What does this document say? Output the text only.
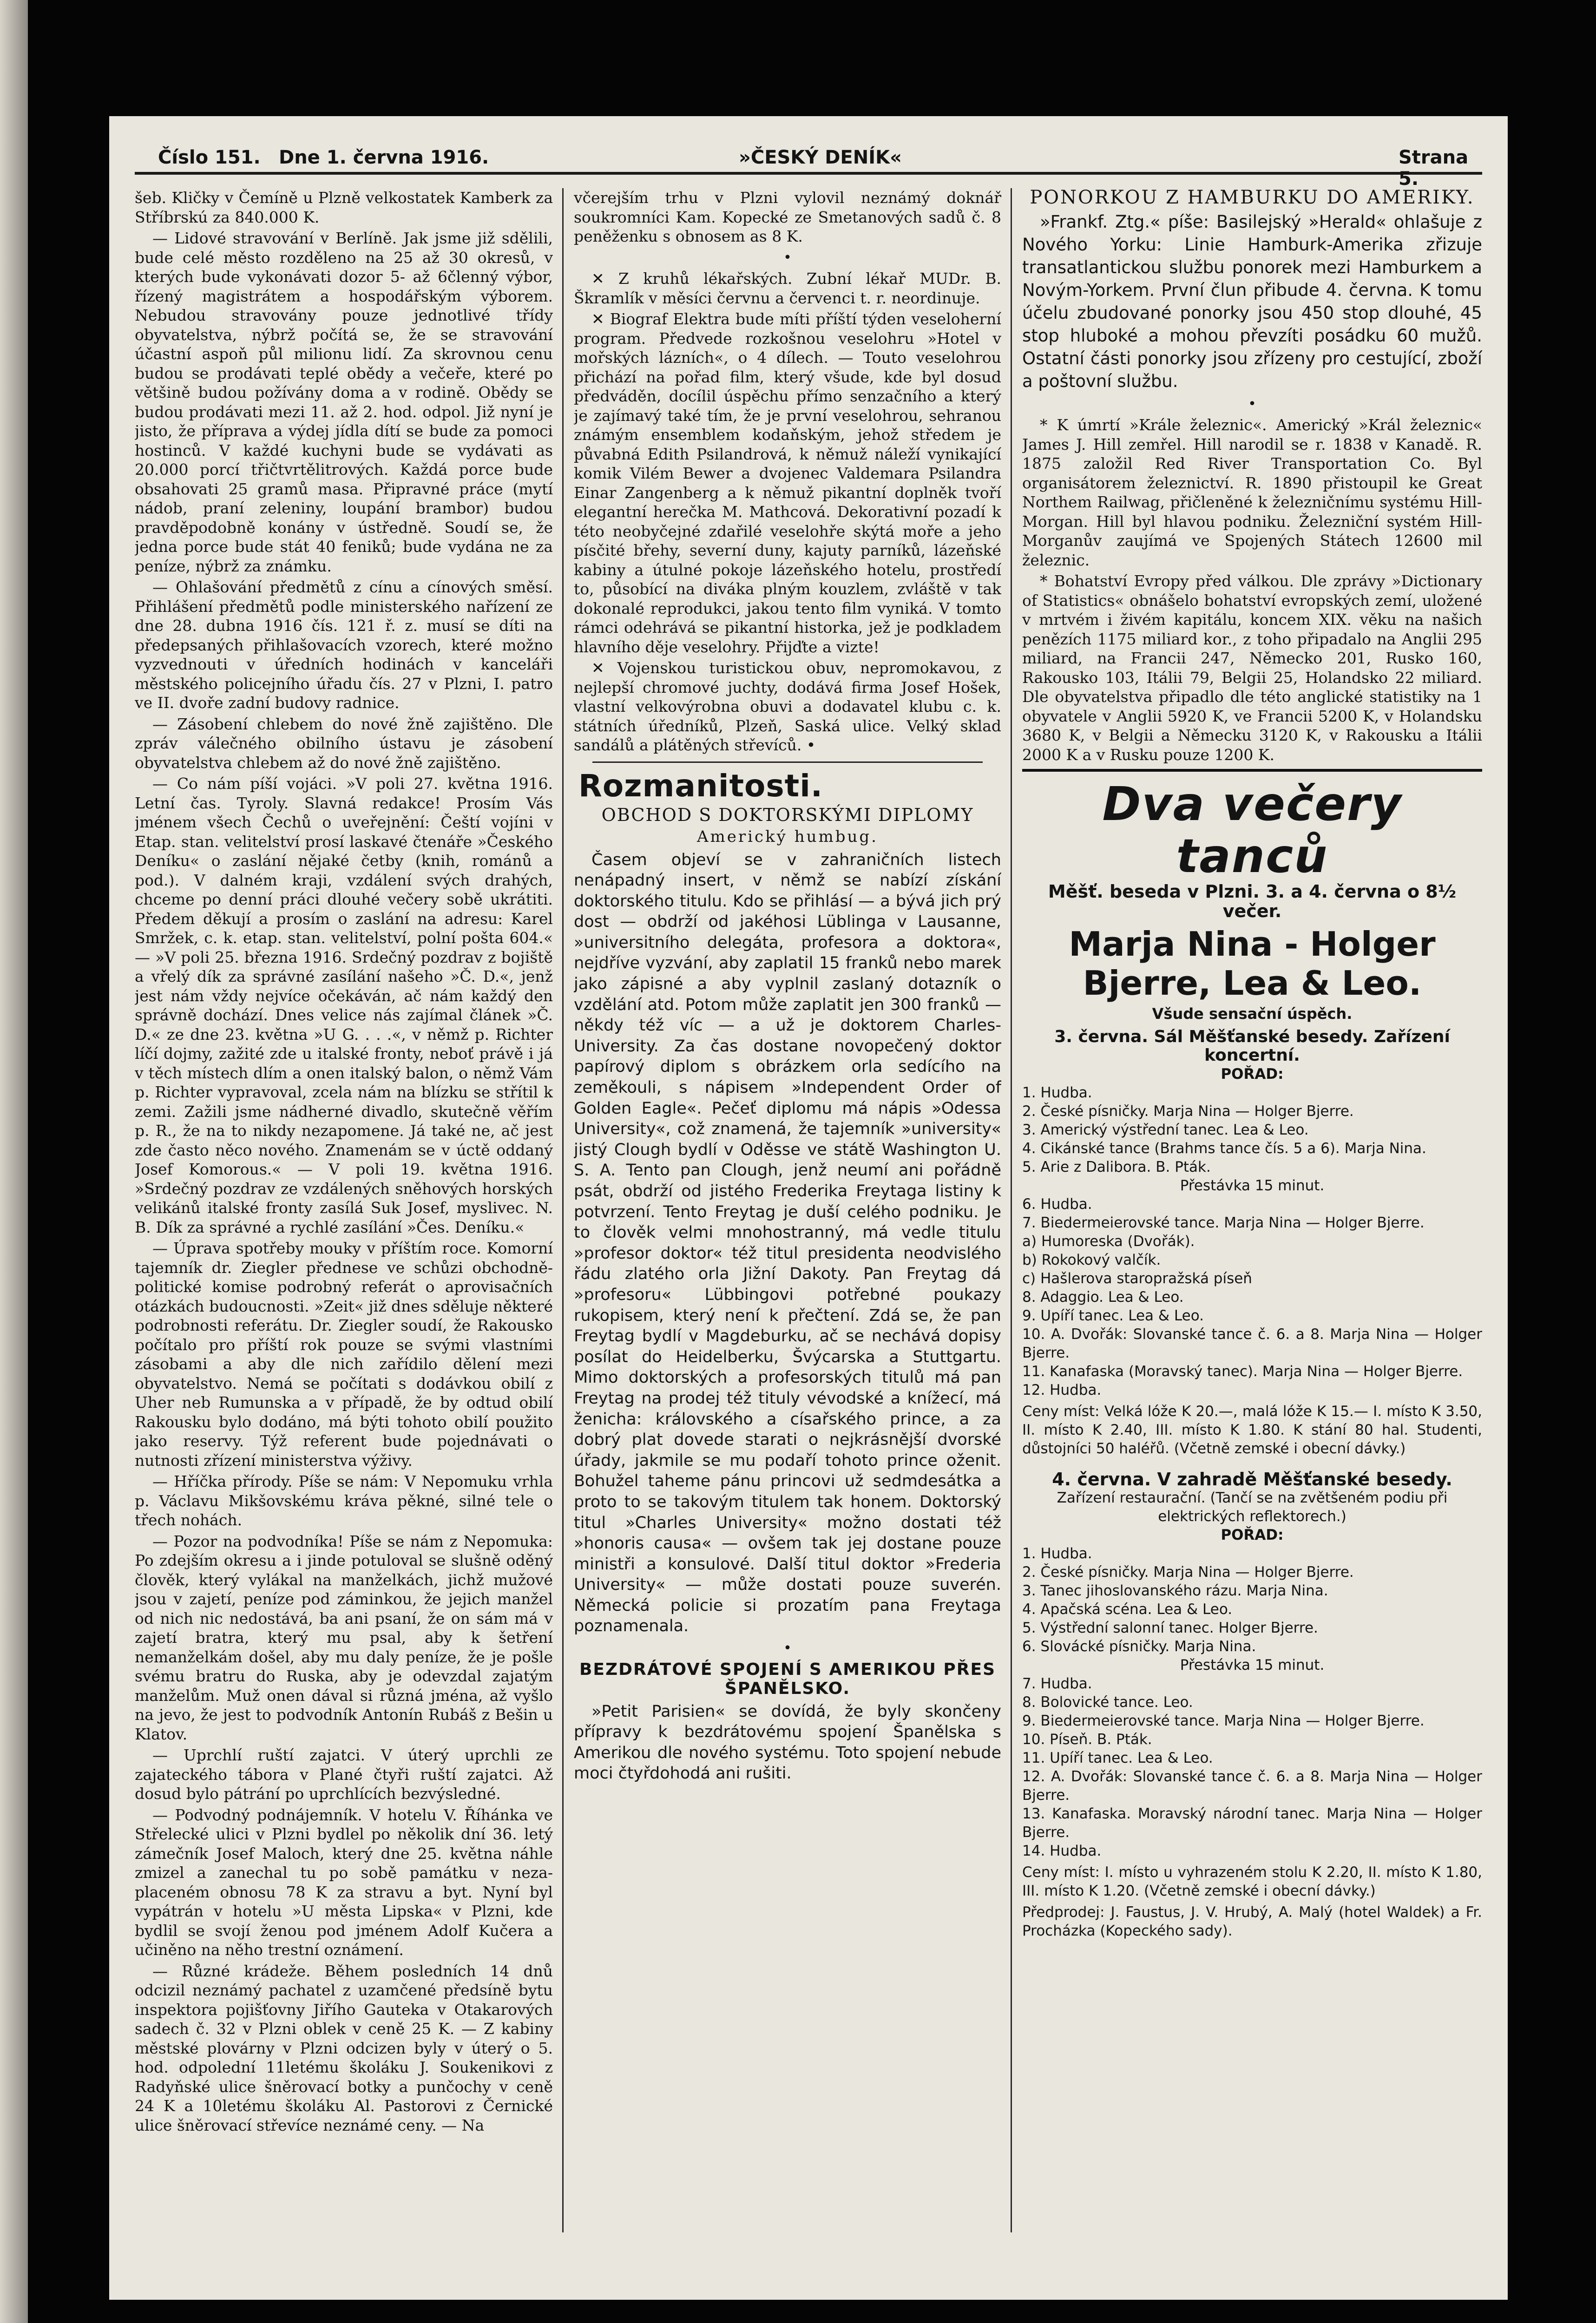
Číslo 151. Dne 1. června 1916.	»ČESKÝ DENÍK«	Strana 5.

šeb. Kličky v Čemíně u Plzně velkostatek Kamberk za Stříbrskú za 840.000 K.

— Lidové stravování v Berlíně. Jak jsme již sdělili, bude celé město rozděleno na 25 až 30 okresů, v kterých bude vykonávati dozor 5- až 6členný výbor, řízený magistrátem a hospodářským výborem. Nebudou stravovány pouze jednotlivé třídy obyvatelstva, nýbrž počítá se, že se stravování účastní aspoň půl milionu lidí. Za skrovnou cenu budou se prodávati teplé obědy a večeře, které po většině budou požívány doma a v rodině. Obědy se budou prodávati mezi 11. až 2. hod. odpol. Již nyní je jisto, že příprava a výdej jídla dítí se bude za pomoci hostinců. V každé kuchyni bude se vydávati as 20.000 porcí třičtvrtělitrových. Každá porce bude obsahovati 25 gramů masa. Připravné práce (mytí nádob, praní zeleniny, loupání brambor) budou pravděpodobně konány v ústředně. Soudí se, že jedna porce bude stát 40 feniků; bude vydána ne za peníze, nýbrž za známku.

— Ohlašování předmětů z cínu a cínových směsí. Přihlášení předmětů podle ministerského nařízení ze dne 28. dubna 1916 čís. 121 ř. z. musí se díti na předepsaných přihlašovacích vzorech, které možno vyzvednouti v úředních hodinách v kanceláři městského policejního úřadu čís. 27 v Plzni, I. patro ve II. dvoře zadní budovy radnice.

— Zásobení chlebem do nové žně zajištěno. Dle zpráv válečného obilního ústavu je zásobení obyvatelstva chlebem až do nové žně zajištěno.

— Co nám píší vojáci. »V poli 27. května 1916. Letní čas. Tyroly. Slavná redakce! Prosím Vás jménem všech Čechů o uveřejnění: Čeští vojíni v Etap. stan. velitelství prosí laskavé čtenáře »Českého Deníku« o zaslání nějaké četby (knih, románů a pod.). V dalném kraji, vzdálení svých drahých, chceme po denní práci dlouhé večery sobě ukrátiti. Předem děkují a prosím o zaslání na adresu: Karel Smržek, c. k. etap. stan. velitelství, polní pošta 604.« — »V poli 25. března 1916. Srdečný pozdrav z bojiště a vřelý dík za správné zasílání našeho »Č. D.«, jenž jest nám vždy nejvíce očekáván, ač nám každý den správně dochází. Dnes velice nás zajímal článek »Č. D.« ze dne 23. května »U G. . . .«, v němž p. Richter líčí dojmy, zažité zde u italské fronty, neboť právě i já v těch místech dlím a onen italský balon, o němž Vám p. Richter vypravoval, zcela nám na blízku se střítil k zemi. Zažili jsme nádherné divadlo, skutečně věřím p. R., že na to nikdy nezapomene. Já také ne, ač jest zde často něco nového. Znamenám se v úctě oddaný Josef Komorous.« — V poli 19. května 1916. »Srdečný pozdrav ze vzdálených sněhových horských velikánů italské fronty zasílá Suk Josef, myslivec. N. B. Dík za správné a rychlé zasílání »Čes. Deníku.«

— Úprava spotřeby mouky v příštím roce. Komorní tajemník dr. Ziegler přednese ve schůzi obchodně-politické komise podrobný referát o aprovisačních otázkách budoucnosti. »Zeit« již dnes sděluje některé podrobnosti referátu. Dr. Ziegler soudí, že Rakousko počítalo pro příští rok pouze se svými vlastními zásobami a aby dle nich zařídilo dělení mezi obyvatelstvo. Nemá se počítati s dodávkou obilí z Uher neb Rumunska a v případě, že by odtud obilí Rakousku bylo dodáno, má býti tohoto obilí použito jako reservy. Týž referent bude pojednávati o nutnosti zřízení ministerstva výživy.

— Hříčka přírody. Píše se nám: V Nepomuku vrhla p. Václavu Mikšovskému kráva pěkné, silné tele o třech nohách.

— Pozor na podvodníka! Píše se nám z Nepomuka: Po zdejším okresu a i jinde potuloval se slušně oděný člověk, který vylákal na manželkách, jichž mužové jsou v zajetí, peníze pod záminkou, že jejich manžel od nich nic nedostává, ba ani psaní, že on sám má v zajetí bratra, který mu psal, aby k šetření nemanželkám došel, aby mu daly peníze, že je pošle svému bratru do Ruska, aby je odevzdal zajatým manželům. Muž onen dával si různá jména, až vyšlo na jevo, že jest to podvodník Antonín Rubáš z Bešin u Klatov.

— Uprchlí ruští zajatci. V úterý uprchli ze zajateckého tábora v Plané čtyři ruští zajatci. Až dosud bylo pátrání po uprchlících bezvýsledné.

— Podvodný podnájemník. V hotelu V. Říhánka ve Střelecké ulici v Plzni bydlel po několik dní 36. letý zámečník Josef Maloch, který dne 25. května náhle zmizel a zanechal tu po sobě památku v neza-placeném obnosu 78 K za stravu a byt. Nyní byl vypátrán v hotelu »U města Lipska« v Plzni, kde bydlil se svojí ženou pod jménem Adolf Kučera a učiněno na něho trestní oznámení.

— Různé krádeže. Během posledních 14 dnů odcizil neznámý pachatel z uzamčené předsíně bytu inspektora pojišťovny Jiřího Gauteka v Otakarových sadech č. 32 v Plzni oblek v ceně 25 K. — Z kabiny městské plovárny v Plzni odcizen byly v úterý o 5. hod. odpolední 11letému školáku J. Soukenikovi z Radyňské ulice šněrovací botky a punčochy v ceně 24 K a 10letému školáku Al. Pastorovi z Černické ulice šněrovací střevíce neznámé ceny. — Na

včerejším trhu v Plzni vylovil neznámý doknář soukromníci Kam. Kopecké ze Smetanových sadů č. 8 peněženku s obnosem as 8 K.

•

✕ Z kruhů lékařských. Zubní lékař MUDr. B. Škramlík v měsíci červnu a červenci t. r. neordinuje.

✕ Biograf Elektra bude míti příští týden veseloherní program. Předvede rozkošnou veselohru »Hotel v mořských lázních«, o 4 dílech. — Touto veselohrou přichází na pořad film, který všude, kde byl dosud předváděn, docílil úspěchu přímo senzačního a který je zajímavý také tím, že je první veselohrou, sehranou známým ensemblem kodaňským, jehož středem je půvabná Edith Psilandrová, k němuž náleží vynikající komik Vilém Bewer a dvojenec Valdemara Psilandra Einar Zangenberg a k němuž pikantní doplněk tvoří elegantní herečka M. Mathcová. Dekorativní pozadí k této neobyčejné zdařilé veselohře skýtá moře a jeho písčité břehy, severní duny, kajuty parníků, lázeňské kabiny a útulné pokoje lázeňského hotelu, prostředí to, působící na diváka plným kouzlem, zvláště v tak dokonalé reprodukci, jakou tento film vyniká. V tomto rámci odehrává se pikantní historka, jež je podkladem hlavního děje veselohry. Přijďte a vizte!

✕ Vojenskou turistickou obuv, nepromokavou, z nejlepší chromové juchty, dodává firma Josef Hošek, vlastní velkovýrobna obuvi a dodavatel klubu c. k. státních úředníků, Plzeň, Saská ulice. Velký sklad sandálů a plátěných střevíců. •

Rozmanitosti.
OBCHOD S DOKTORSKÝMI DIPLOMY
Americký humbug.

Časem objeví se v zahraničních listech nenápadný insert, v němž se nabízí získání doktorského titulu. Kdo se přihlásí — a bývá jich prý dost — obdrží od jakéhosi Lüblinga v Lausanne, »universitního delegáta, profesora a doktora«, nejdříve vyzvání, aby zaplatil 15 franků nebo marek jako zápisné a aby vyplnil zaslaný dotazník o vzdělání atd. Potom může zaplatit jen 300 franků — někdy též víc — a už je doktorem Charles-University. Za čas dostane novopečený doktor papírový diplom s obrázkem orla sedícího na zeměkouli, s nápisem »Independent Order of Golden Eagle«. Pečeť diplomu má nápis »Odessa University«, což znamená, že tajemník »university« jistý Clough bydlí v Oděsse ve státě Washington U. S. A. Tento pan Clough, jenž neumí ani pořádně psát, obdrží od jistého Frederika Freytaga listiny k potvrzení. Tento Freytag je duší celého podniku. Je to člověk velmi mnohostranný, má vedle titulu »profesor doktor« též titul presidenta neodvislého řádu zlatého orla Jižní Dakoty. Pan Freytag dá »profesoru« Lübbingovi potřebné poukazy rukopisem, který není k přečtení. Zdá se, že pan Freytag bydlí v Magdeburku, ač se nechává dopisy posílat do Heidelberku, Švýcarska a Stuttgartu. Mimo doktorských a profesorských titulů má pan Freytag na prodej též tituly vévodské a knížecí, má ženicha: královského a císařského prince, a za dobrý plat dovede starati o nejkrásnější dvorské úřady, jakmile se mu podaří tohoto prince oženit. Bohužel taheme pánu princovi už sedmdesátka a proto to se takovým titulem tak honem. Doktorský titul »Charles University« možno dostati též »honoris causa« — ovšem tak jej dostane pouze ministři a konsulové. Další titul doktor »Frederia University« — může dostati pouze suverén. Německá policie si prozatím pana Freytaga poznamenala.

•
BEZDRÁTOVÉ SPOJENÍ S AMERIKOU PŘES ŠPANĚLSKO.

»Petit Parisien« se dovídá, že byly skončeny přípravy k bezdrátovému spojení Španělska s Amerikou dle nového systému. Toto spojení nebude moci čtyřdohodá ani rušiti.

PONORKOU Z HAMBURKU DO AMERIKY.

»Frankf. Ztg.« píše: Basilejský »Herald« ohlašuje z Nového Yorku: Linie Hamburk-Amerika zřizuje transatlantickou službu ponorek mezi Hamburkem a Novým-Yorkem. První člun přibude 4. června. K tomu účelu zbudované ponorky jsou 450 stop dlouhé, 45 stop hluboké a mohou převzíti posádku 60 mužů. Ostatní části ponorky jsou zřízeny pro cestující, zboží a poštovní službu.

•

* K úmrtí »Krále železnic«. Americký »Král železnic« James J. Hill zemřel. Hill narodil se r. 1838 v Kanadě. R. 1875 založil Red River Transportation Co. Byl organisátorem železnictví. R. 1890 přistoupil ke Great Northem Railwag, přičleněné k železničnímu systému Hill-Morgan. Hill byl hlavou podniku. Železniční systém Hill-Morganův zaujímá ve Spojených Státech 12600 mil železnic.

* Bohatství Evropy před válkou. Dle zprávy »Dictionary of Statistics« obnášelo bohatství evropských zemí, uložené v mrtvém i živém kapitálu, koncem XIX. věku na našich penězích 1175 miliard kor., z toho připadalo na Anglii 295 miliard, na Francii 247, Německo 201, Rusko 160, Rakousko 103, Itálii 79, Belgii 25, Holandsko 22 miliard. Dle obyvatelstva připadlo dle této anglické statistiky na 1 obyvatele v Anglii 5920 K, ve Francii 5200 K, v Holandsku 3680 K, v Belgii a Německu 3120 K, v Rakousku a Itálii 2000 K a v Rusku pouze 1200 K.

Dva večery tanců
Měšť. beseda v Plzni. 3. a 4. června o 8½ večer.
Marja Nina - Holger Bjerre, Lea & Leo.
Všude sensační úspěch.
3. června. Sál Měšťanské besedy. Zařízení koncertní.
POŘAD:
1. Hudba.
2. České písničky. Marja Nina — Holger Bjerre.
3. Americký výstřední tanec. Lea & Leo.
4. Cikánské tance (Brahms tance čís. 5 a 6). Marja Nina.
5. Arie z Dalibora. B. Pták.
Přestávka 15 minut.
6. Hudba.
7. Biedermeierovské tance. Marja Nina — Holger Bjerre.
a) Humoreska (Dvořák).
b) Rokokový valčík.
c) Hašlerova staropražská píseň
8. Adaggio. Lea & Leo.
9. Upíří tanec. Lea & Leo.
10. A. Dvořák: Slovanské tance č. 6. a 8. Marja Nina — Holger Bjerre.
11. Kanafaska (Moravský tanec). Marja Nina — Holger Bjerre.
12. Hudba.
Ceny míst: Velká lóže K 20.—, malá lóže K 15.— I. místo K 3.50, II. místo K 2.40, III. místo K 1.80. K stání 80 hal. Studenti, důstojníci 50 haléřů. (Včetně zemské i obecní dávky.)
4. června. V zahradě Měšťanské besedy.
Zařízení restaurační. (Tančí se na zvětšeném podiu při elektrických reflektorech.)
POŘAD:
1. Hudba.
2. České písničky. Marja Nina — Holger Bjerre.
3. Tanec jihoslovanského rázu. Marja Nina.
4. Apačská scéna. Lea & Leo.
5. Výstřední salonní tanec. Holger Bjerre.
6. Slovácké písničky. Marja Nina.
Přestávka 15 minut.
7. Hudba.
8. Bolovické tance. Leo.
9. Biedermeierovské tance. Marja Nina — Holger Bjerre.
10. Píseň. B. Pták.
11. Upíří tanec. Lea & Leo.
12. A. Dvořák: Slovanské tance č. 6. a 8. Marja Nina — Holger Bjerre.
13. Kanafaska. Moravský národní tanec. Marja Nina — Holger Bjerre.
14. Hudba.
Ceny míst: I. místo u vyhrazeném stolu K 2.20, II. místo K 1.80, III. místo K 1.20. (Včetně zemské i obecní dávky.)
Předprodej: J. Faustus, J. V. Hrubý, A. Malý (hotel Waldek) a Fr. Procházka (Kopeckého sady).
